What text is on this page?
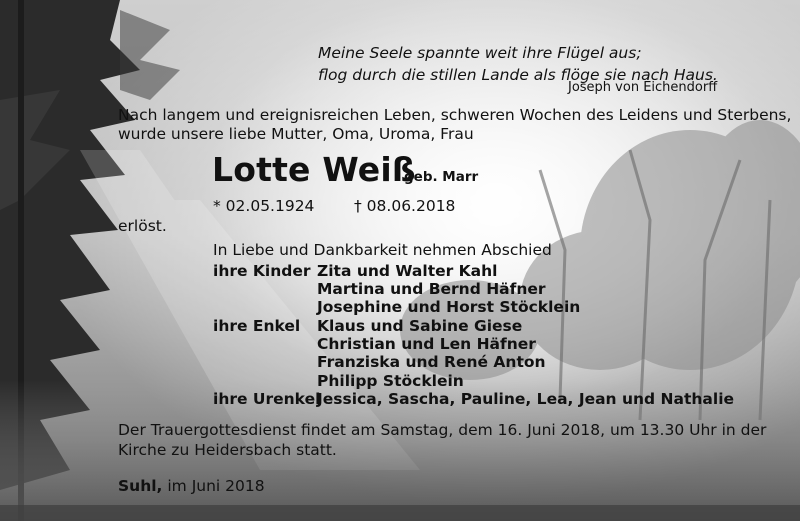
Meine Seele spannte weit ihre Flügel aus;
flog durch die stillen Lande als flöge sie nach Haus.
Joseph von Eichendorff
Nach langem und ereignisreichen Leben, schweren Wochen des Leidens und Sterbens,
wurde unsere liebe Mutter, Oma, Uroma, Frau
Lotte Weiß
geb. Marr
* 02.05.1924	† 08.06.2018
erlöst.
In Liebe und Dankbarkeit nehmen Abschied
ihre Kinder Zita und Walter Kahl
Martina und Bernd Häfner
Josephine und Horst Stöcklein
ihre Enkel Klaus und Sabine Giese
Christian und Len Häfner
Franziska und René Anton
Philipp Stöcklein
ihre Urenkel
Jessica, Sascha, Pauline, Lea, Jean und Nathalie
Der Trauergottesdienst findet am Samstag, dem 16. Juni 2018, um 13.30 Uhr in der
Kirche zu Heidersbach statt.
Suhl, im Juni 2018
